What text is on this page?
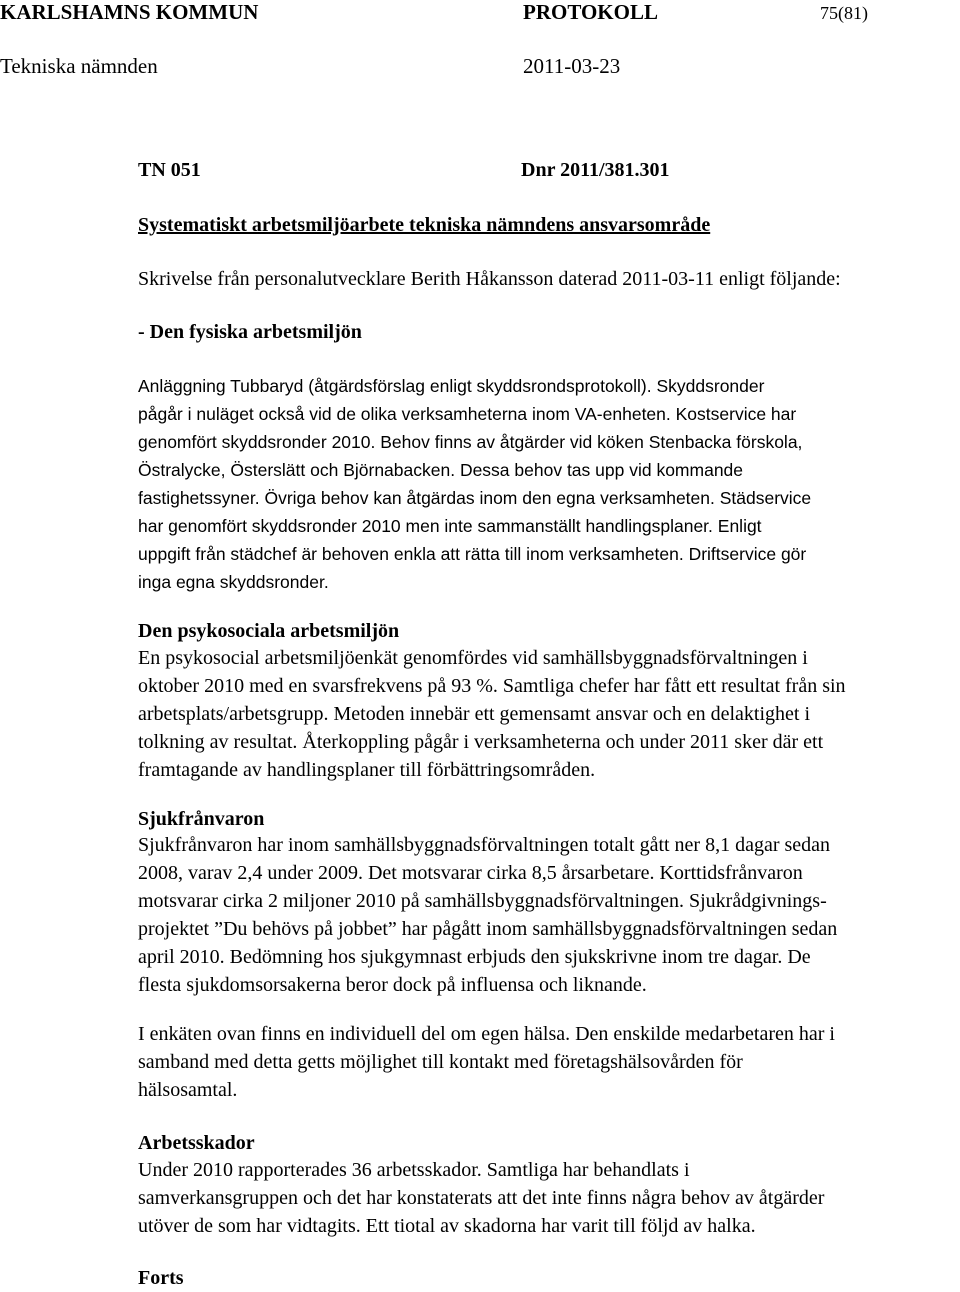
KARLSHAMNS KOMMUN	PROTOKOLL	75(81)
Tekniska nämnden	2011-03-23
TN 051	Dnr 2011/381.301
Systematiskt arbetsmiljöarbete tekniska nämndens ansvarsområde
Skrivelse från personalutvecklare Berith Håkansson daterad 2011-03-11 enligt följande:
- Den fysiska arbetsmiljön
Anläggning Tubbaryd (åtgärdsförslag enligt skyddsrondsprotokoll). Skyddsronder
pågår i nuläget också vid de olika verksamheterna inom VA-enheten. Kostservice har
genomfört skyddsronder 2010. Behov finns av åtgärder vid köken Stenbacka förskola,
Östralycke, Österslätt och Björnabacken. Dessa behov tas upp vid kommande
fastighetssyner. Övriga behov kan åtgärdas inom den egna verksamheten. Städservice
har genomfört skyddsronder 2010 men inte sammanställt handlingsplaner. Enligt
uppgift från städchef är behoven enkla att rätta till inom verksamheten. Driftservice gör
inga egna skyddsronder.
Den psykosociala arbetsmiljön
En psykosocial arbetsmiljöenkät genomfördes vid samhällsbyggnadsförvaltningen i
oktober 2010 med en svarsfrekvens på 93 %. Samtliga chefer har fått ett resultat från sin
arbetsplats/arbetsgrupp. Metoden innebär ett gemensamt ansvar och en delaktighet i
tolkning av resultat. Återkoppling pågår i verksamheterna och under 2011 sker där ett
framtagande av handlingsplaner till förbättringsområden.
Sjukfrånvaron
Sjukfrånvaron har inom samhällsbyggnadsförvaltningen totalt gått ner 8,1 dagar sedan
2008, varav 2,4 under 2009. Det motsvarar cirka 8,5 årsarbetare. Korttidsfrånvaron
motsvarar cirka 2 miljoner 2010 på samhällsbyggnadsförvaltningen. Sjukrådgivnings-
projektet ”Du behövs på jobbet” har pågått inom samhällsbyggnadsförvaltningen sedan
april 2010. Bedömning hos sjukgymnast erbjuds den sjukskrivne inom tre dagar. De
flesta sjukdomsorsakerna beror dock på influensa och liknande.
I enkäten ovan finns en individuell del om egen hälsa. Den enskilde medarbetaren har i
samband med detta getts möjlighet till kontakt med företagshälsovården för
hälsosamtal.
Arbetsskador
Under 2010 rapporterades 36 arbetsskador. Samtliga har behandlats i
samverkansgruppen och det har konstaterats att det inte finns några behov av åtgärder
utöver de som har vidtagits. Ett tiotal av skadorna har varit till följd av halka.
Forts
